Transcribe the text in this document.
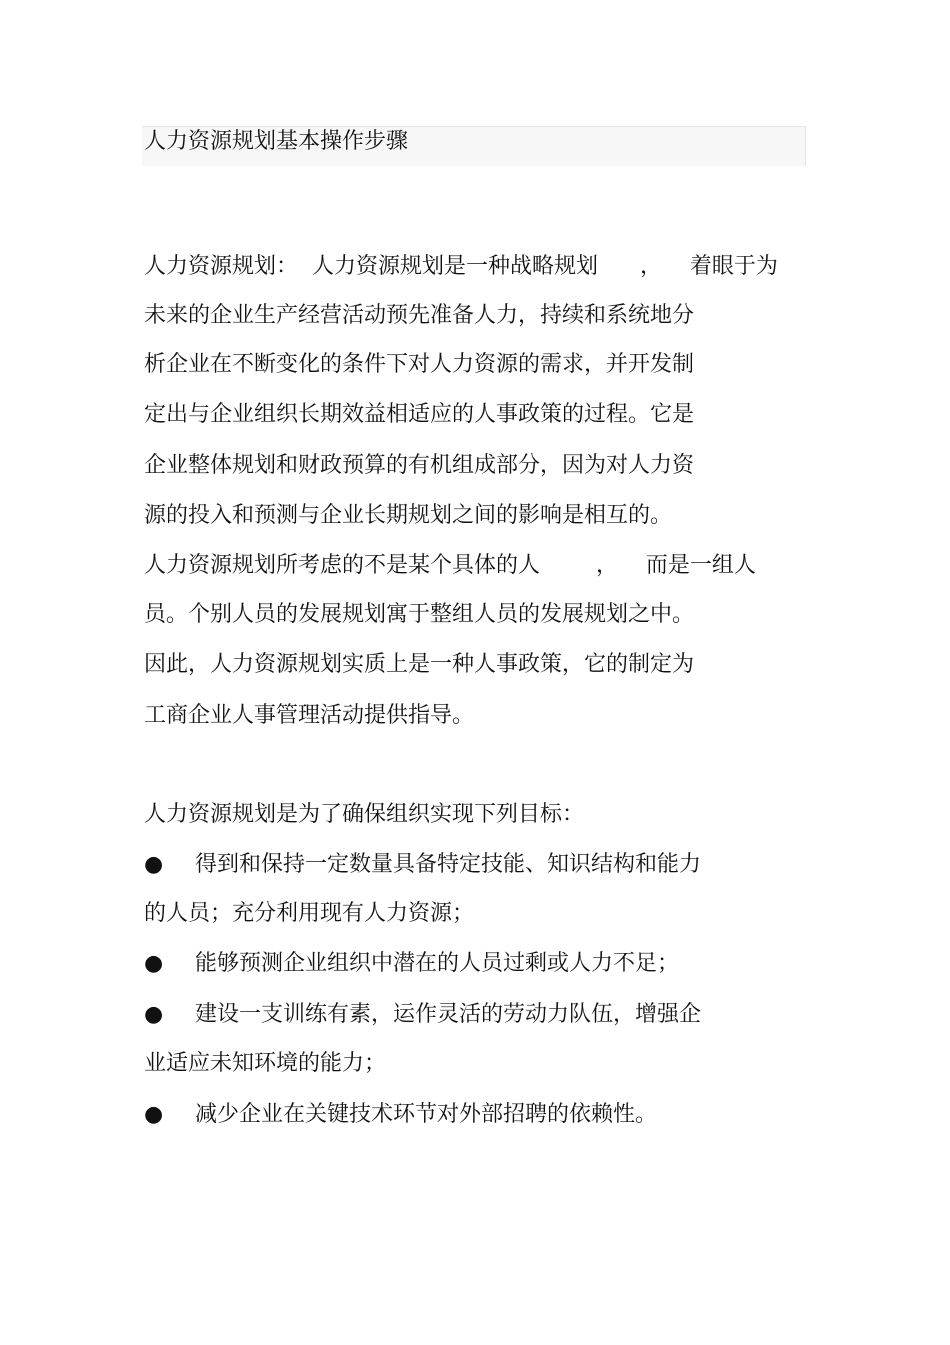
人力资源规划基本操作步骤
人力资源规划：  人力资源规划是一种战略规划      ，    着眼于为
未来的企业生产经营活动预先准备人力，持续和系统地分
析企业在不断变化的条件下对人力资源的需求，并开发制
定出与企业组织长期效益相适应的人事政策的过程。它是
企业整体规划和财政预算的有机组成部分，因为对人力资
源的投入和预测与企业长期规划之间的影响是相互的。
人力资源规划所考虑的不是某个具体的人        ，    而是一组人
员。个别人员的发展规划寓于整组人员的发展规划之中。
因此，人力资源规划实质上是一种人事政策，它的制定为
工商企业人事管理活动提供指导。
人力资源规划是为了确保组织实现下列目标：
● 得到和保持一定数量具备特定技能、知识结构和能力
的人员；充分利用现有人力资源；
● 能够预测企业组织中潜在的人员过剩或人力不足；
● 建设一支训练有素，运作灵活的劳动力队伍，增强企
业适应未知环境的能力；
● 减少企业在关键技术环节对外部招聘的依赖性。
